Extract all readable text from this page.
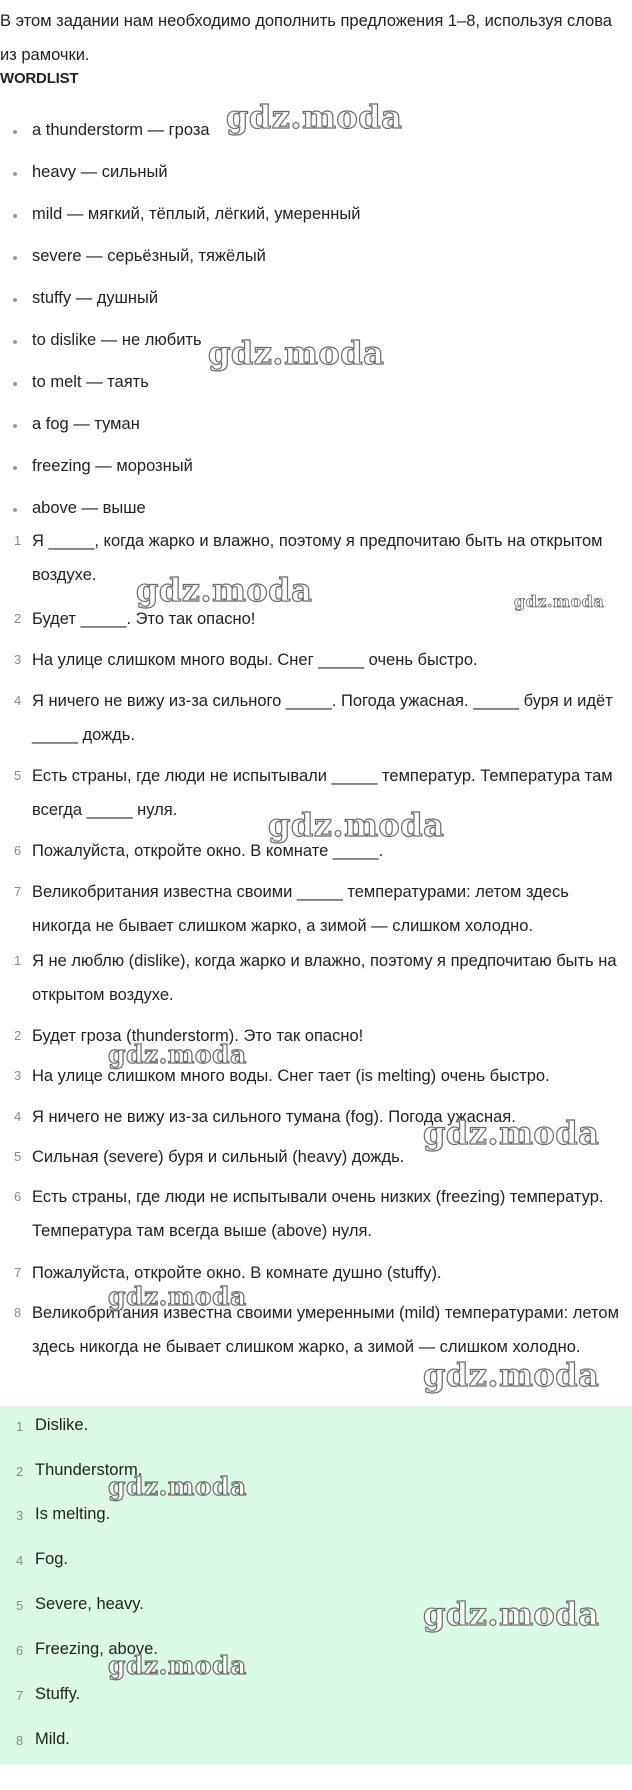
В этом задании нам необходимо дополнить предложения 1–8, используя слова из рамочки.
WORDLIST
a thunderstorm — гроза
heavy — сильный
mild — мягкий, тёплый, лёгкий, умеренный
severe — серьёзный, тяжёлый
stuffy — душный
to dislike — не любить
to melt — таять
a fog — туман
freezing — морозный
above — выше
1 Я _____, когда жарко и влажно, поэтому я предпочитаю быть на открытом воздухе.
2 Будет _____. Это так опасно!
3 На улице слишком много воды. Снег _____ очень быстро.
4 Я ничего не вижу из-за сильного _____. Погода ужасная. _____ буря и идёт _____ дождь.
5 Есть страны, где люди не испытывали _____ температур. Температура там всегда _____ нуля.
6 Пожалуйста, откройте окно. В комнате _____.
7 Великобритания известна своими _____ температурами: летом здесь никогда не бывает слишком жарко, а зимой — слишком холодно.
1 Я не люблю (dislike), когда жарко и влажно, поэтому я предпочитаю быть на открытом воздухе.
2 Будет гроза (thunderstorm). Это так опасно!
3 На улице слишком много воды. Снег тает (is melting) очень быстро.
4 Я ничего не вижу из-за сильного тумана (fog). Погода ужасная.
5 Сильная (severe) буря и сильный (heavy) дождь.
6 Есть страны, где люди не испытывали очень низких (freezing) температур. Температура там всегда выше (above) нуля.
7 Пожалуйста, откройте окно. В комнате душно (stuffy).
8 Великобритания известна своими умеренными (mild) температурами: летом здесь никогда не бывает слишком жарко, а зимой — слишком холодно.
1 Dislike.
2 Thunderstorm.
3 Is melting.
4 Fog.
5 Severe, heavy.
6 Freezing, above.
7 Stuffy.
8 Mild.
gdz.moda
gdz.moda
gdz.moda	gdz.moda
gdz.moda
gdz.moda
gdz.moda
gdz.moda
gdz.moda
gdz.moda
gdz.moda
gdz.moda
